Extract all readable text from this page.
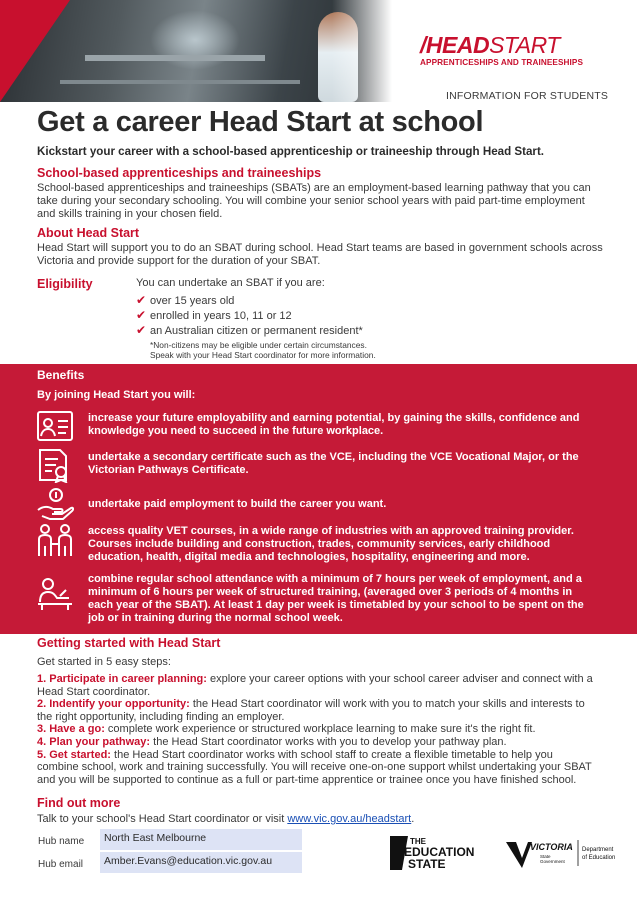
/HEADSTART
APPRENTICESHIPS AND TRAINEESHIPS
INFORMATION FOR STUDENTS
Get a career Head Start at school
Kickstart your career with a school-based apprenticeship or traineeship through Head Start.
School-based apprenticeships and traineeships
School-based apprenticeships and traineeships (SBATs) are an employment-based learning pathway that you can take during your secondary schooling. You will combine your senior school years with paid part-time employment and skills training in your chosen field.
About Head Start
Head Start will support you to do an SBAT during school. Head Start teams are based in government schools across Victoria and provide support for the duration of your SBAT.
Eligibility	You can undertake an SBAT if you are:
✔ over 15 years old
✔ enrolled in years 10, 11 or 12
✔ an Australian citizen or permanent resident*
*Non-citizens may be eligible under certain circumstances.
Speak with your Head Start coordinator for more information.
Benefits
By joining Head Start you will:
increase your future employability and earning potential, by gaining the skills, confidence and knowledge you need to succeed in the future workplace.
undertake a secondary certificate such as the VCE, including the VCE Vocational Major, or the Victorian Pathways Certificate.
undertake paid employment to build the career you want.
access quality VET courses, in a wide range of industries with an approved training provider. Courses include building and construction, trades, community services, early childhood education, health, digital media and technologies, hospitality, engineering and more.
combine regular school attendance with a minimum of 7 hours per week of employment, and a minimum of 6 hours per week of structured training, (averaged over 3 periods of 4 months in each year of the SBAT). At least 1 day per week is timetabled by your school to be spent on the job or in training during the normal school week.
Getting started with Head Start
Get started in 5 easy steps:
1. Participate in career planning: explore your career options with your school career adviser and connect with a Head Start coordinator.
2. Indentify your opportunity: the Head Start coordinator will work with you to match your skills and interests to the right opportunity, including finding an employer.
3. Have a go: complete work experience or structured workplace learning to make sure it's the right fit.
4. Plan your pathway: the Head Start coordinator works with you to develop your pathway plan.
5. Get started: the Head Start coordinator works with school staff to create a flexible timetable to help you combine school, work and training successfully. You will receive one-on-one support whilst undertaking your SBAT and you will be supported to continue as a full or part-time apprentice or trainee once you have finished school.
Find out more
Talk to your school's Head Start coordinator or visit www.vic.gov.au/headstart.
Hub name	North East Melbourne
Hub email	Amber.Evans@education.vic.gov.au
THE
EDUCATION
STATE
VICTORIA
State
Government
Department
of Education
